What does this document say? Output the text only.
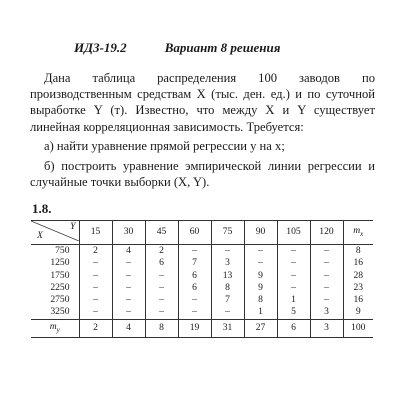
ИДЗ-19.2	Вариант 8 решения

Дана таблица распределения 100 заводов по производственным средствам X (тыс. ден. ед.) и по суточной выработке Y (т). Известно, что между X и Y существует линейная корреляционная зависимость. Требуется:

а) найти уравнение прямой регрессии y на x;

б) построить уравнение эмпирической линии регрессии и случайные точки выборки (X, Y).

1.8.
Y
X	15	30	45	60	75	90	105	120	$m_x$
750	2	4	2	–	–	–	–	–	8
1250	–	–	6	7	3	–	–	–	16
1750	–	–	–	6	13	9	–	–	28
2250	–	–	–	6	8	9	–	–	23
2750	–	–	–	–	7	8	1	–	16
3250	–	–	–	–	–	1	5	3	9
$m_y$	2	4	8	19	31	27	6	3	100
